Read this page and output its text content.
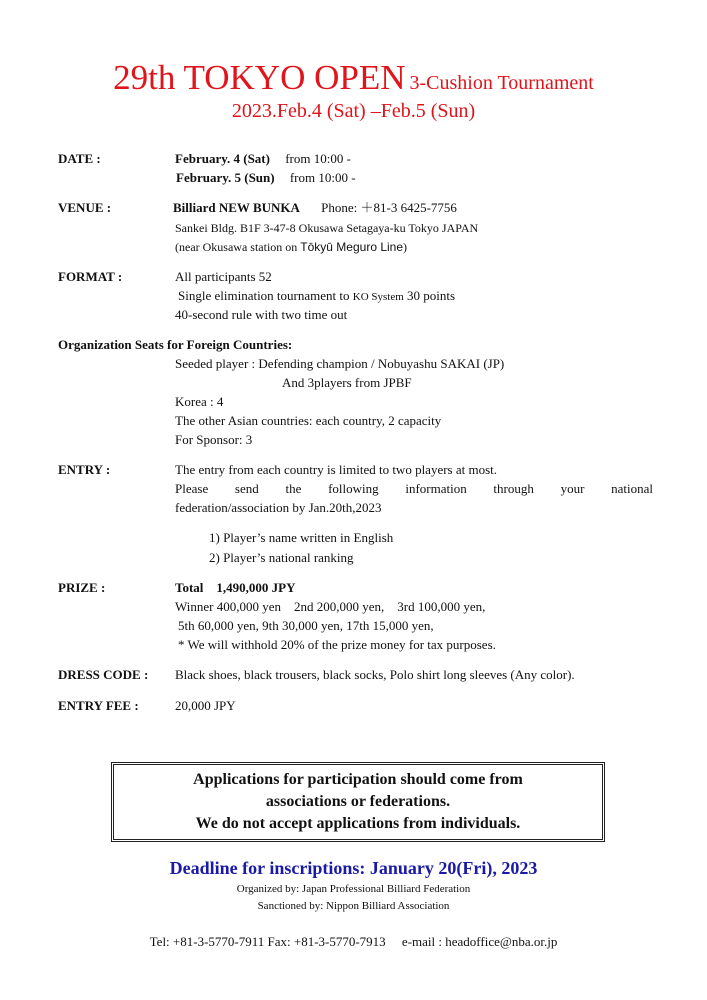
29th TOKYO OPEN 3-Cushion Tournament
2023.Feb.4 (Sat) –Feb.5 (Sun)
DATE :	February. 4 (Sat) from 10:00 -
February. 5 (Sun) from 10:00 -
VENUE :	Billiard NEW BUNKA Phone: ＋81-3 6425-7756
Sankei Bldg. B1F 3-47-8 Okusawa Setagaya-ku Tokyo JAPAN
(near Okusawa station on Tōkyū Meguro Line)
FORMAT :	All participants 52
Single elimination tournament to KO System 30 points
40-second rule with two time out
Organization Seats for Foreign Countries:
Seeded player : Defending champion / Nobuyashu SAKAI (JP)
And 3players from JPBF
Korea : 4
The other Asian countries: each country, 2 capacity
For Sponsor: 3
ENTRY :	The entry from each country is limited to two players at most.
Please send the following information through your national
federation/association by Jan.20th,2023
1) Player’s name written in English
2) Player’s national ranking
PRIZE :	Total　1,490,000 JPY
Winner 400,000 yen　2nd 200,000 yen,　3rd 100,000 yen,
5th 60,000 yen, 9th 30,000 yen, 17th 15,000 yen,
* We will withhold 20% of the prize money for tax purposes.
DRESS CODE : Black shoes, black trousers, black socks, Polo shirt long sleeves (Any color).
ENTRY FEE :	20,000 JPY
Applications for participation should come from
associations or federations.
We do not accept applications from individuals.
Deadline for inscriptions: January 20(Fri), 2023
Organized by: Japan Professional Billiard Federation
Sanctioned by: Nippon Billiard Association
Tel: +81-3-5770-7911 Fax: +81-3-5770-7913　 e-mail : headoffice@nba.or.jp
